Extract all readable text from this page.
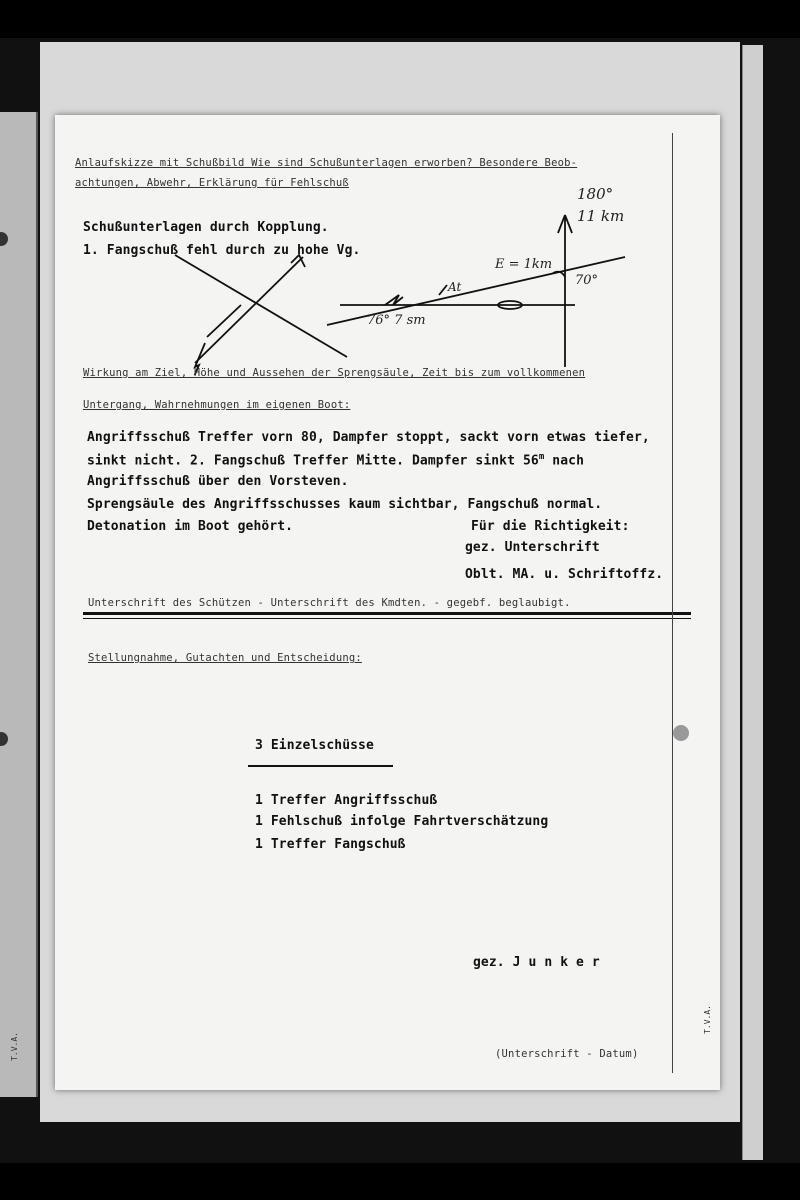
T.V.A.
Anlaufskizze mit Schußbild Wie sind Schußunterlagen erworben? Besondere Beob-
achtungen, Abwehr, Erklärung für Fehlschuß
Schußunterlagen durch Kopplung.
1. Fangschuß fehl durch zu hohe Vg.
180°
11 km
E = 1km
70°
76° 7 sm
At
Wirkung am Ziel, Höhe und Aussehen der Sprengsäule, Zeit bis zum vollkommenen
Untergang, Wahrnehmungen im eigenen Boot:
Angriffsschuß Treffer vorn 80, Dampfer stoppt, sackt vorn etwas tiefer,
sinkt nicht. 2. Fangschuß Treffer Mitte. Dampfer sinkt 56$^m$ nach
Angriffsschuß über den Vorsteven.
Sprengsäule des Angriffsschusses kaum sichtbar, Fangschuß normal.
Detonation im Boot gehört.	Für die Richtigkeit:
gez. Unterschrift
Oblt. MA. u. Schriftoffz.
Unterschrift des Schützen - Unterschrift des Kmdten. - gegebf. beglaubigt.
Stellungnahme, Gutachten und Entscheidung:
3 Einzelschüsse
1 Treffer Angriffsschuß
1 Fehlschuß infolge Fahrtverschätzung
1 Treffer Fangschuß
gez. J u n k e r
(Unterschrift - Datum)
T.V.A.
